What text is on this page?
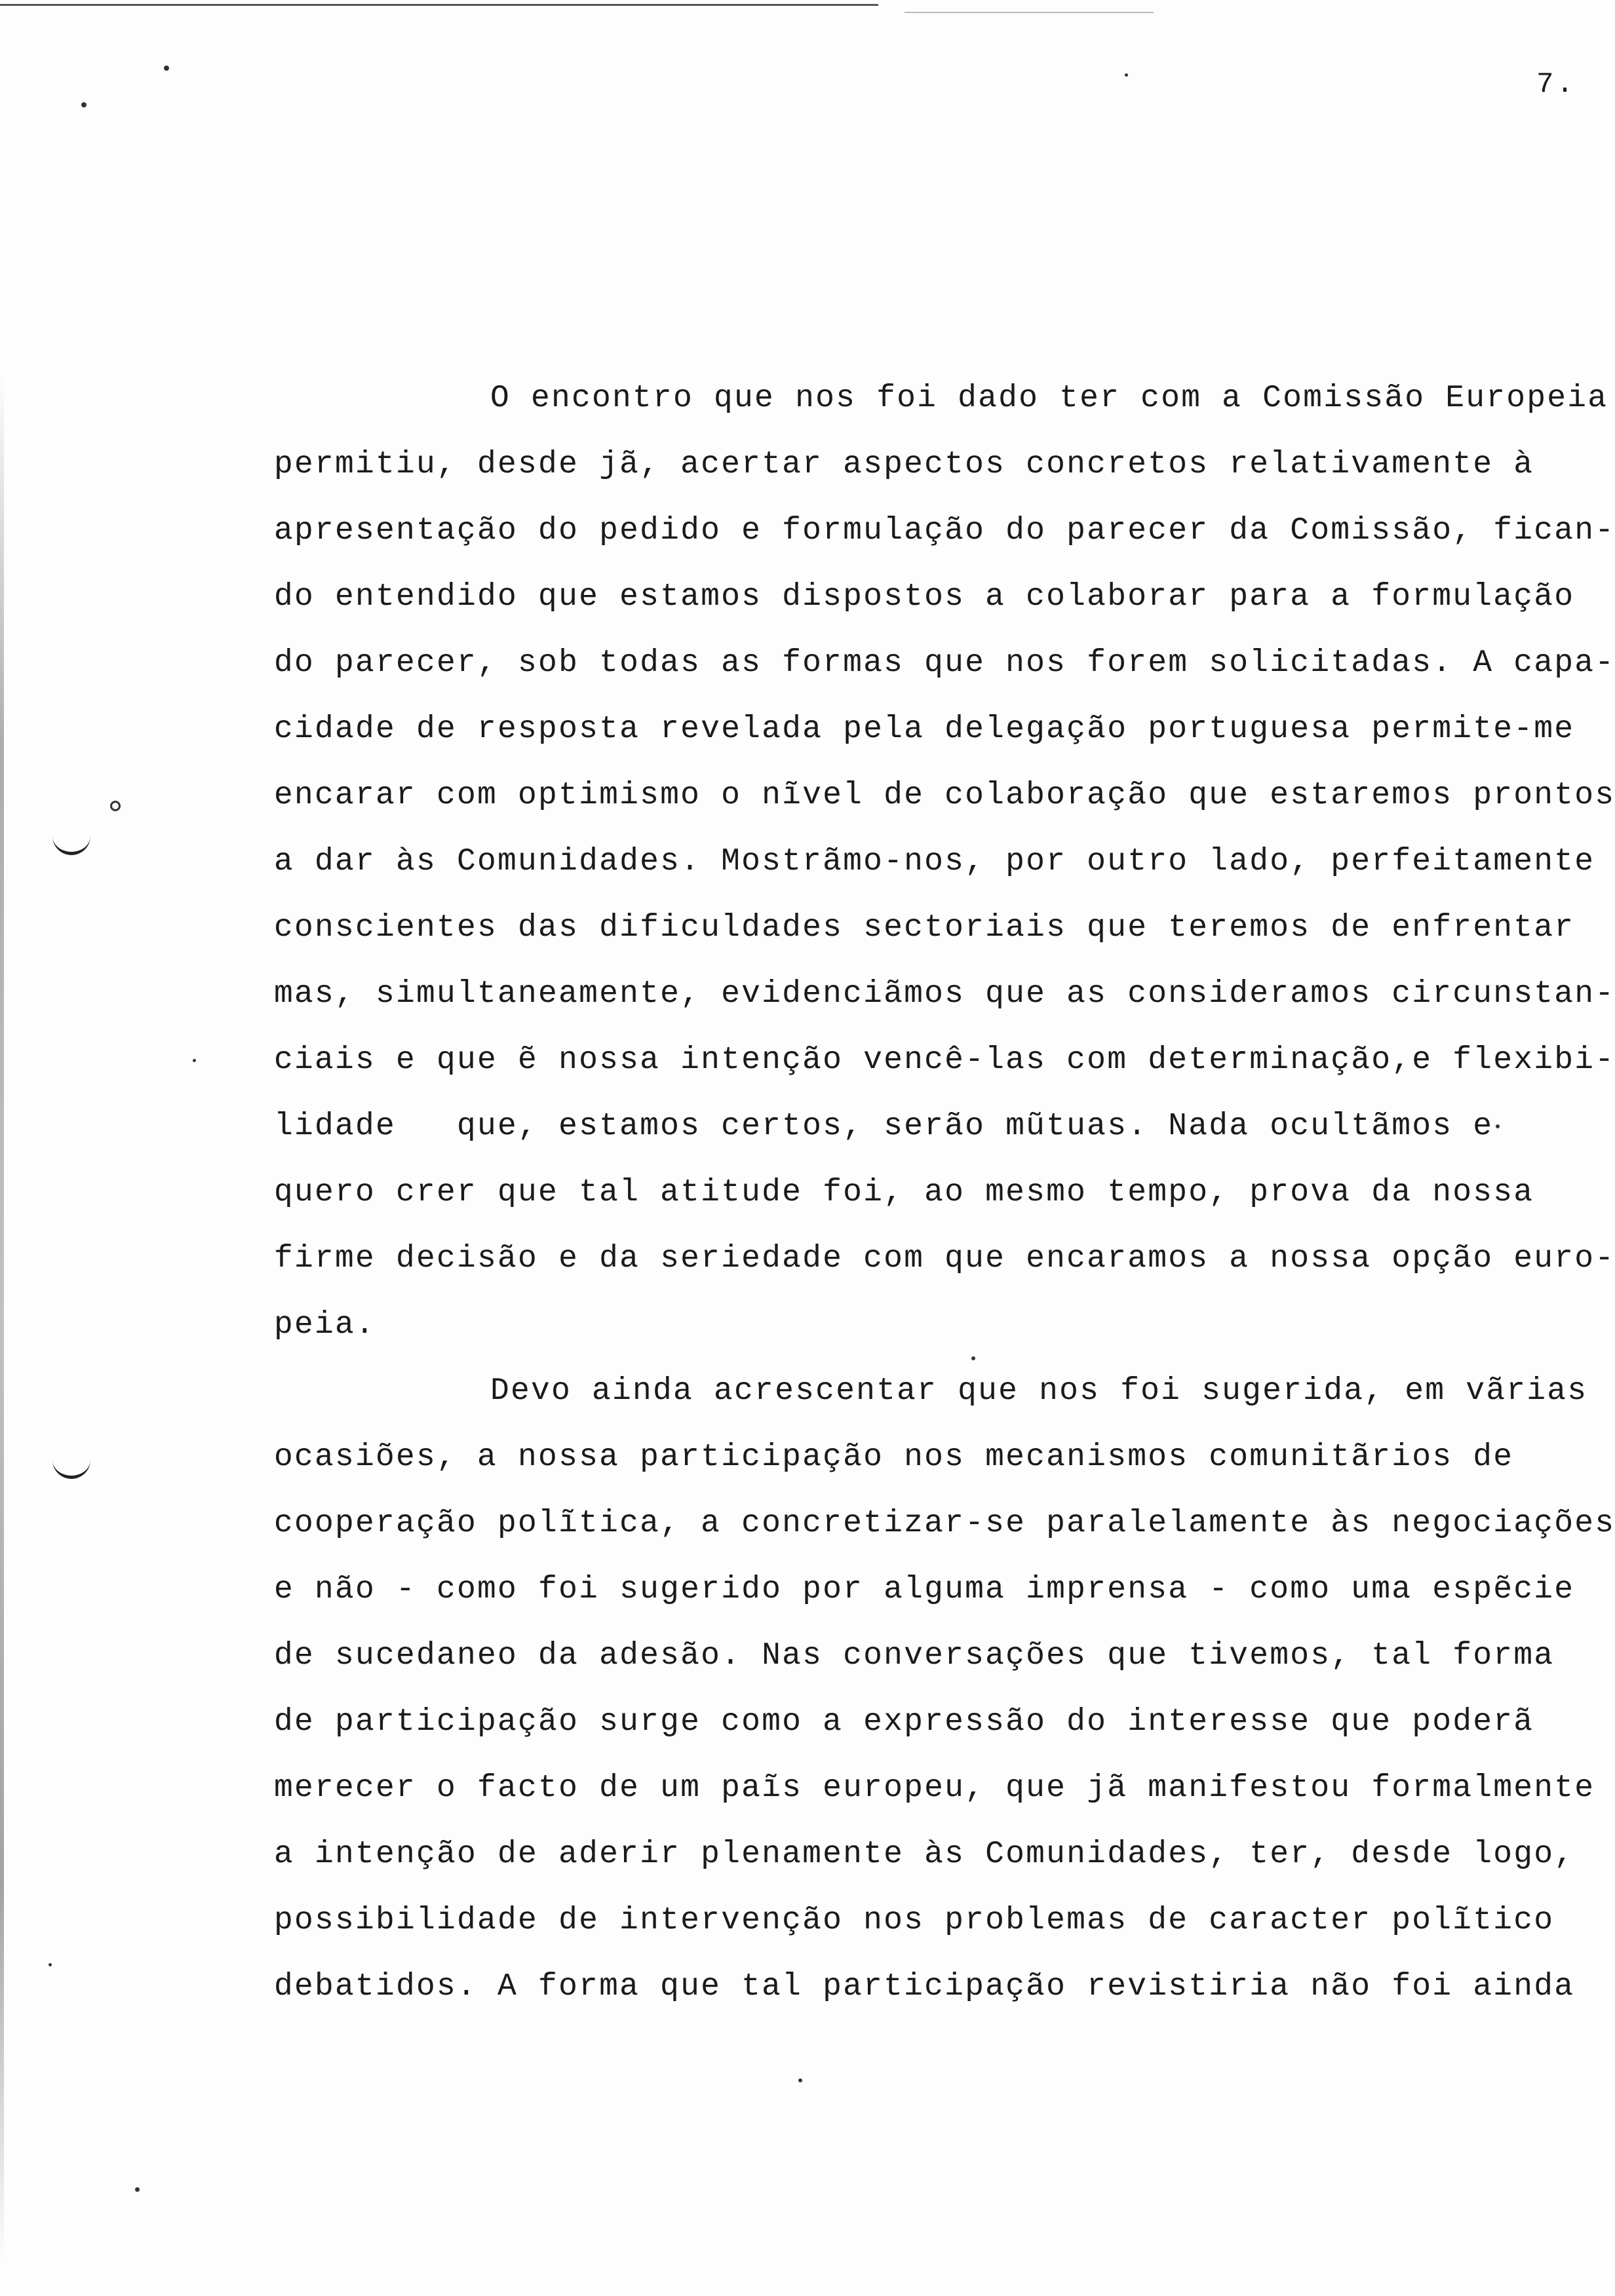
7.
O encontro que nos foi dado ter com a Comissão Europeia
permitiu, desde jã, acertar aspectos concretos relativamente à
apresentação do pedido e formulação do parecer da Comissão, fican-
do entendido que estamos dispostos a colaborar para a formulação
do parecer, sob todas as formas que nos forem solicitadas. A capa-
cidade de resposta revelada pela delegação portuguesa permite-me
encarar com optimismo o nĩvel de colaboração que estaremos prontos
a dar às Comunidades. Mostrãmo-nos, por outro lado, perfeitamente
conscientes das dificuldades sectoriais que teremos de enfrentar
mas, simultaneamente, evidenciãmos que as consideramos circunstan-
ciais e que ẽ nossa intenção vencê-las com determinação,e flexibi-
lidade   que, estamos certos, serão mũtuas. Nada ocultãmos e
quero crer que tal atitude foi, ao mesmo tempo, prova da nossa
firme decisão e da seriedade com que encaramos a nossa opção euro-
peia.
Devo ainda acrescentar que nos foi sugerida, em vãrias
ocasiões, a nossa participação nos mecanismos comunitãrios de
cooperação polĩtica, a concretizar-se paralelamente às negociações
e não - como foi sugerido por alguma imprensa - como uma espẽcie
de sucedaneo da adesão. Nas conversações que tivemos, tal forma
de participação surge como a expressão do interesse que poderã
merecer o facto de um paĩs europeu, que jã manifestou formalmente
a intenção de aderir plenamente às Comunidades, ter, desde logo,
possibilidade de intervenção nos problemas de caracter polĩtico
debatidos. A forma que tal participação revistiria não foi ainda
